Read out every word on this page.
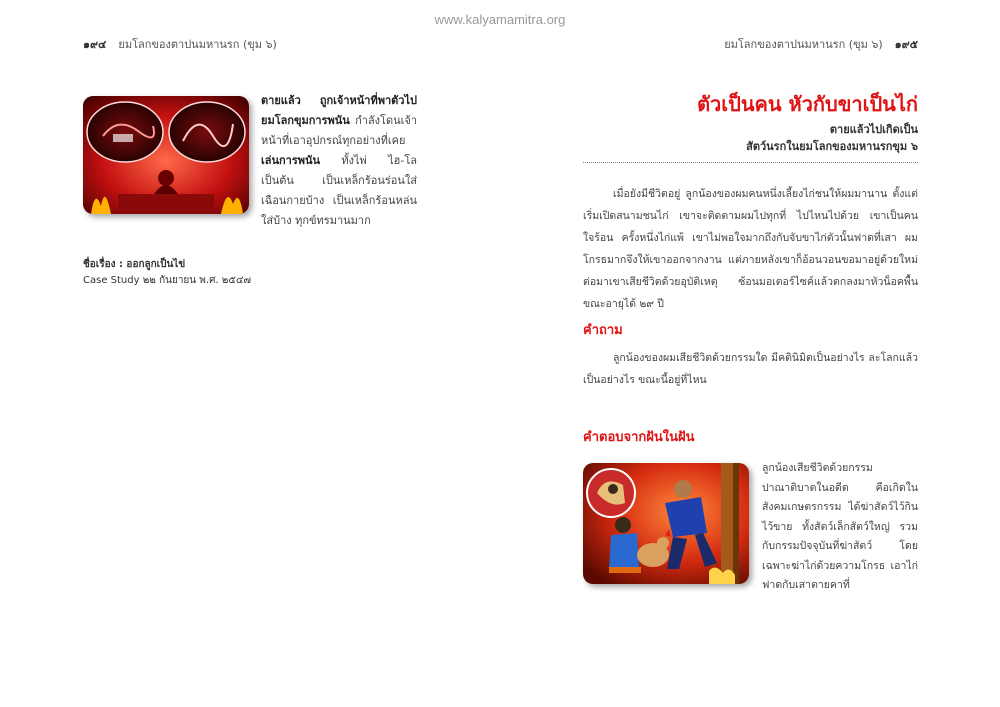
www.kalyamamitra.org
๑๙๔ ยมโลกของตาปนมหานรก (ขุม ๖)	ยมโลกของตาปนมหานรก (ขุม ๖) ๑๙๕
ตายแล้ว ถูกเจ้าหน้าที่พาตัวไปยมโลกขุมการพนัน กำลังโดนเจ้าหน้าที่เอาอุปกรณ์ทุกอย่างที่เคยเล่นการพนัน ทั้งไพ่ ไฮ-โล เป็นต้น เป็นเหล็กร้อนร่อนใส่เฉือนกายบ้าง เป็นเหล็กร้อนหล่นใส่บ้าง ทุกข์ทรมานมาก
ชื่อเรื่อง : ออกลูกเป็นไข่
Case Study ๒๒ กันยายน พ.ศ. ๒๕๔๗
ตัวเป็นคน หัวกับขาเป็นไก่
ตายแล้วไปเกิดเป็น
สัตว์นรกในยมโลกของมหานรกขุม ๖
เมื่อยังมีชีวิตอยู่ ลูกน้องของผมคนหนึ่งเลี้ยงไก่ชนให้ผมมานาน ตั้งแต่เริ่มเปิดสนามชนไก่ เขาจะติดตามผมไปทุกที่ ไปไหนไปด้วย เขาเป็นคนใจร้อน ครั้งหนึ่งไก่แพ้ เขาไม่พอใจมากถึงกับจับขาไก่ตัวนั้นฟาดที่เสา ผมโกรธมากจึงให้เขาออกจากงาน แต่ภายหลังเขาก็อ้อนวอนขอมาอยู่ด้วยใหม่ ต่อมาเขาเสียชีวิตด้วยอุบัติเหตุ ซ้อนมอเตอร์ไซค์แล้วตกลงมาหัวน็อคพื้น ขณะอายุได้ ๒๙ ปี
คำถาม
ลูกน้องของผมเสียชีวิตด้วยกรรมใด มีคตินิมิตเป็นอย่างไร ละโลกแล้วเป็นอย่างไร ขณะนี้อยู่ที่ไหน
คำตอบจากฝันในฝัน
ลูกน้องเสียชีวิตด้วยกรรมปาณาติบาตในอดีต คือเกิดในสังคมเกษตรกรรม ได้ฆ่าสัตว์ไว้กินไว้ขาย ทั้งสัตว์เล็กสัตว์ใหญ่ รวมกับกรรมปัจจุบันที่ฆ่าสัตว์ โดยเฉพาะฆ่าไก่ด้วยความโกรธ เอาไก่ฟาดกับเสาตายคาที่
